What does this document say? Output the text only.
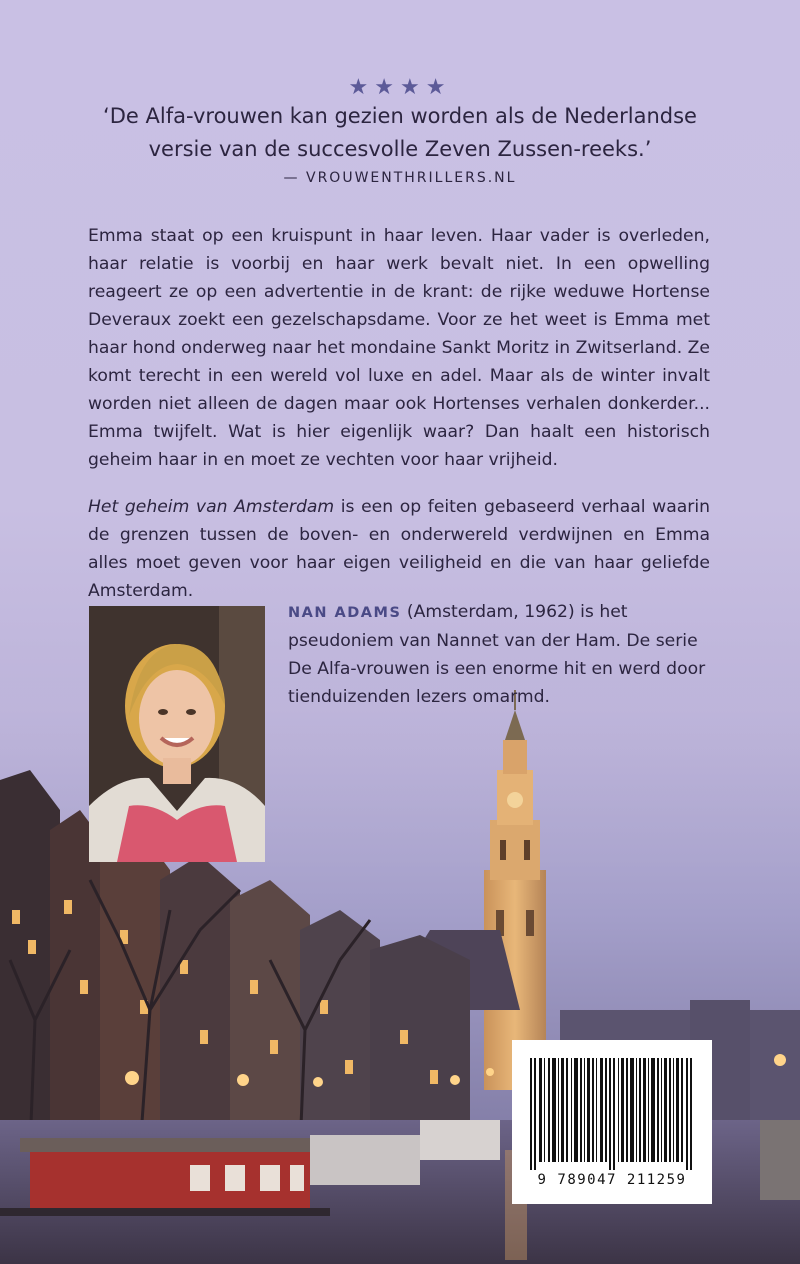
★★★★
‘De Alfa-vrouwen kan gezien worden als de Nederlandse
versie van de succesvolle Zeven Zussen-reeks.’
— VROUWENTHRILLERS.NL
Emma staat op een kruispunt in haar leven. Haar vader is overleden, haar relatie is voorbij en haar werk bevalt niet. In een opwelling reageert ze op een advertentie in de krant: de rijke weduwe Hortense Deveraux zoekt een gezelschapsdame. Voor ze het weet is Emma met haar hond onderweg naar het mondaine Sankt Moritz in Zwitserland. Ze komt terecht in een wereld vol luxe en adel. Maar als de winter invalt worden niet alleen de dagen maar ook Hortenses verhalen donkerder... Emma twijfelt. Wat is hier eigenlijk waar? Dan haalt een historisch geheim haar in en moet ze vechten voor haar vrijheid.
Het geheim van Amsterdam is een op feiten gebaseerd verhaal waarin de grenzen tussen de boven- en onderwereld verdwijnen en Emma alles moet geven voor haar eigen veiligheid en die van haar geliefde Amsterdam.
NAN ADAMS (Amsterdam, 1962) is het pseudoniem van Nannet van der Ham. De serie De Alfa-vrouwen is een enorme hit en werd door tienduizenden lezers omarmd.
9 789047 211259
